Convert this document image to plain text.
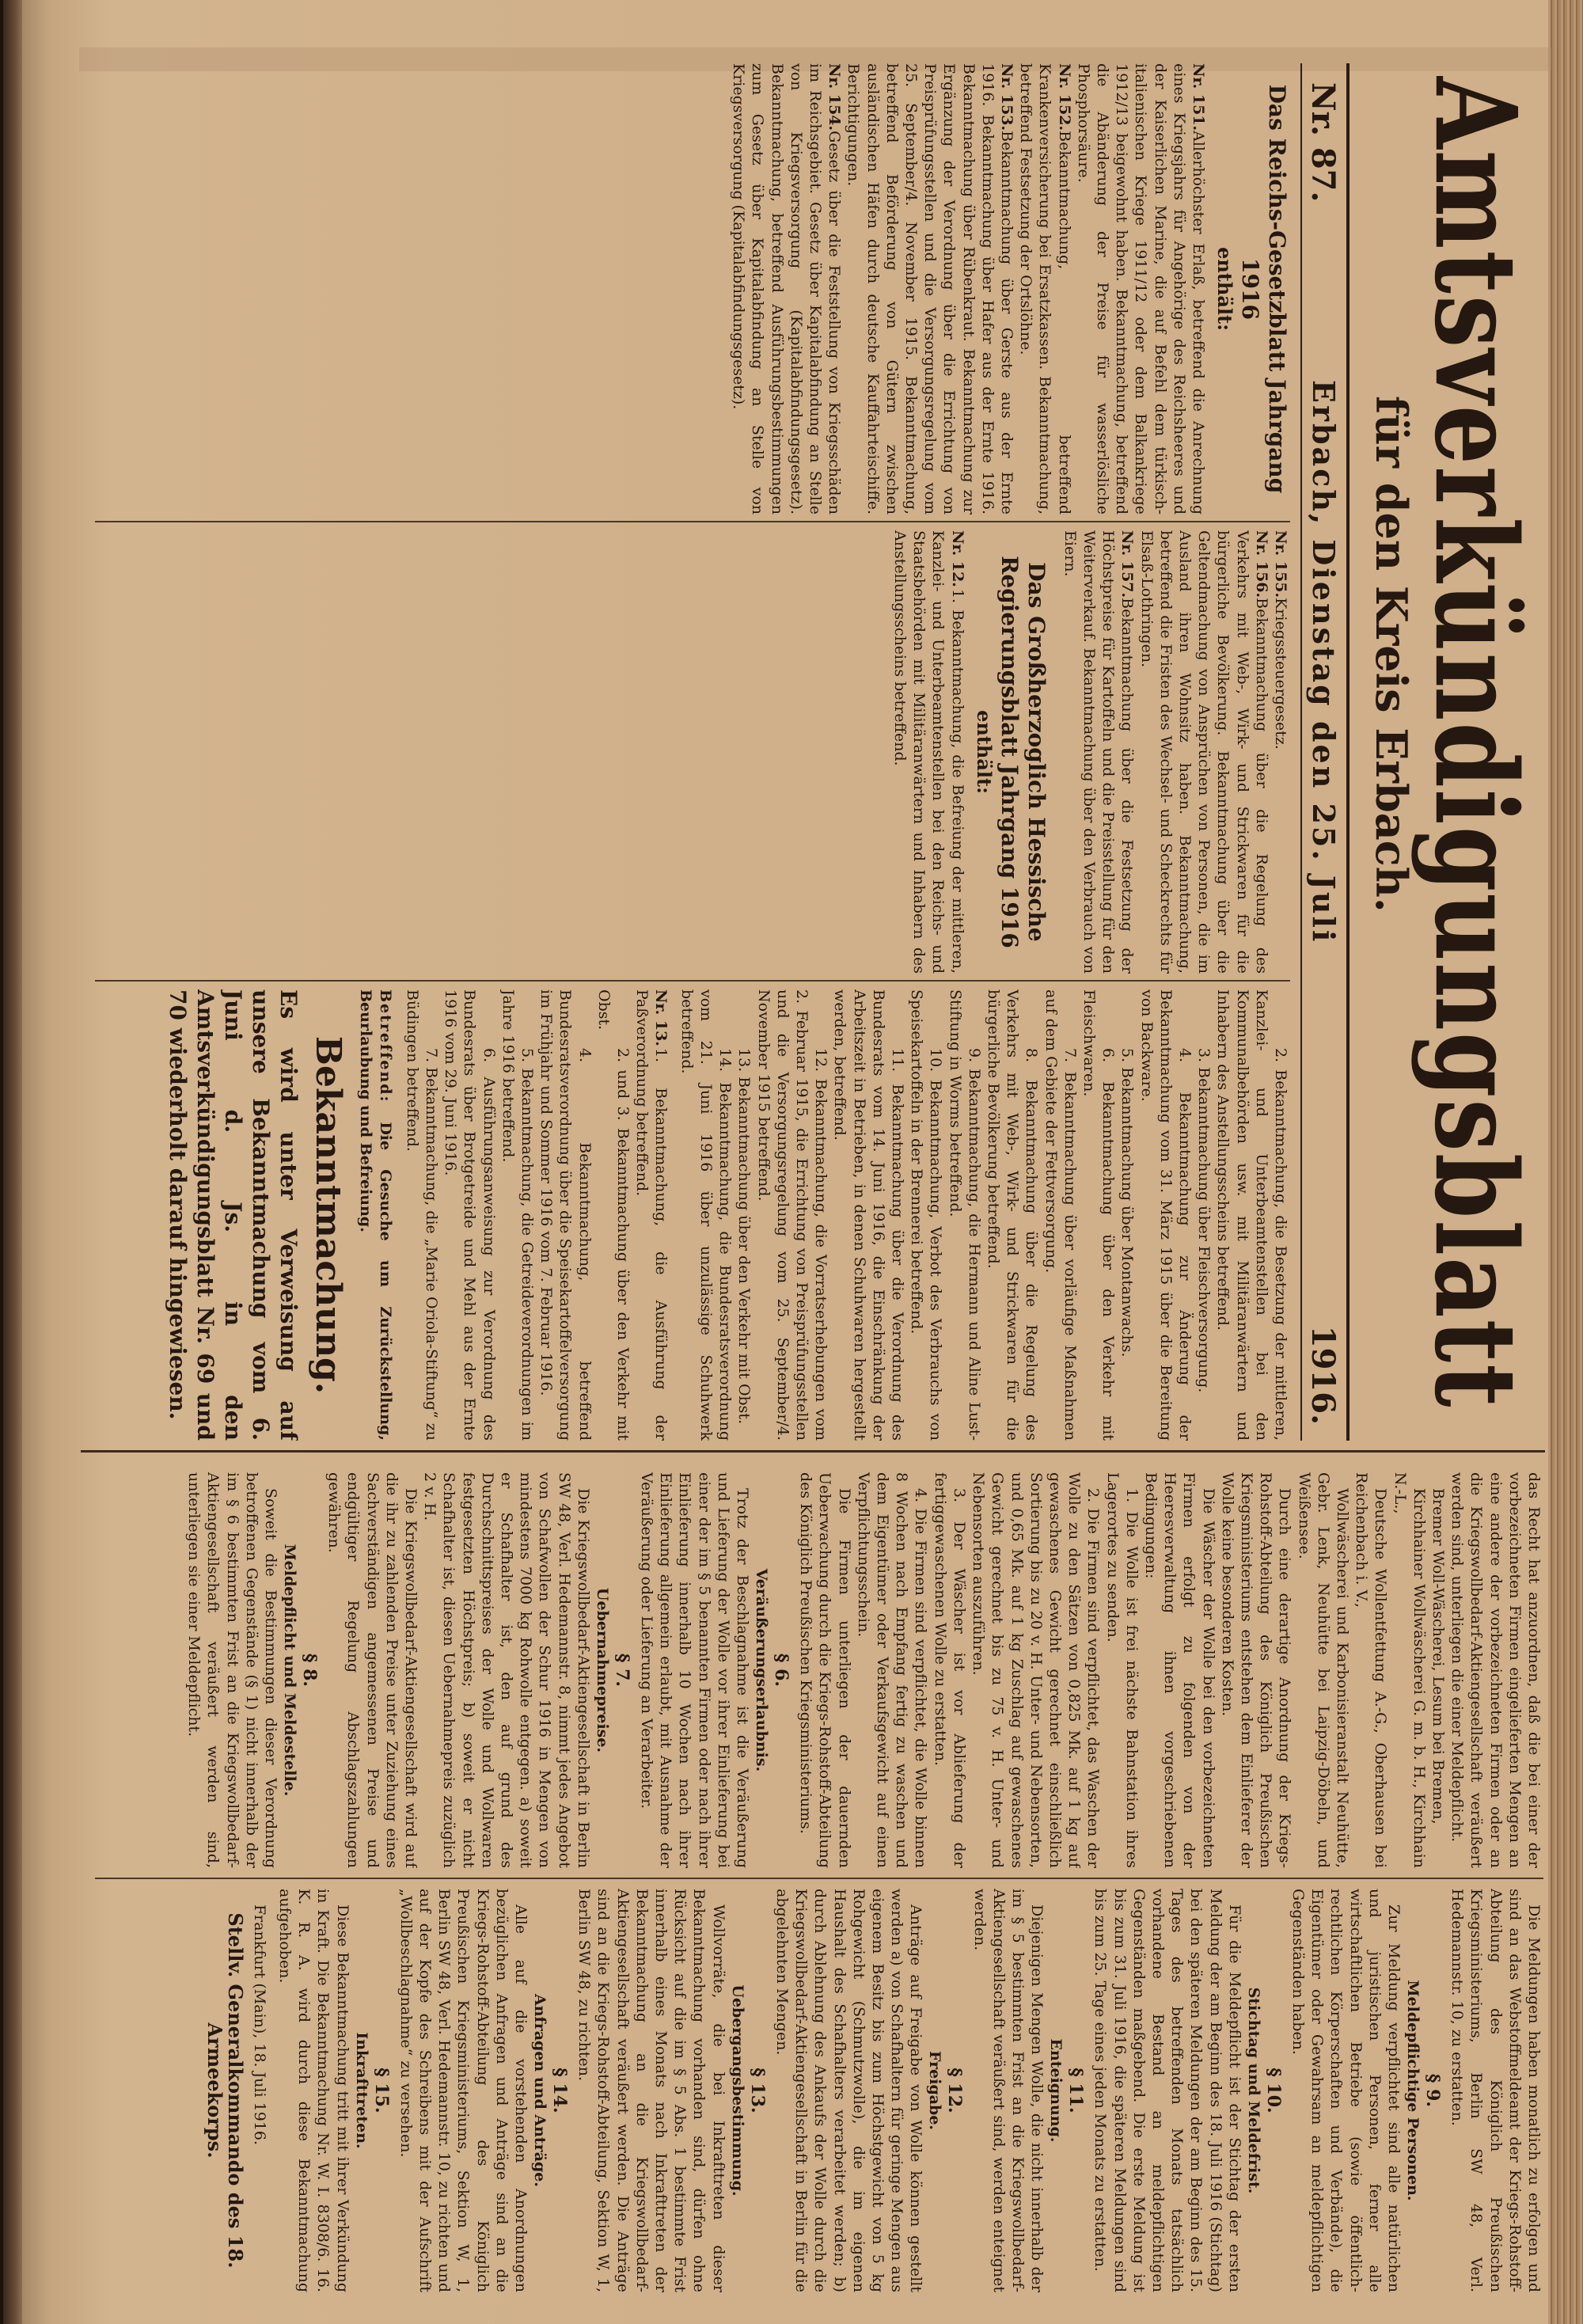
Amtsverkündigungsblatt
für den Kreis Erbach.
Nr. 87.
Erbach, Dienstag den 25. Juli
1916.

Das Reichs-Gesetzblatt Jahrgang 1916

enthält:

Nr. 151.Allerhöchster Erlaß, betreffend die Anrechnung eines Kriegsjahrs für Angehörige des Reichsheeres und der Kaiserlichen Marine, die auf Befehl dem türkisch-italienischen Kriege 1911/12 oder dem Balkankriege 1912/13 beigewohnt haben. Bekanntmachung, betreffend die Abänderung der Preise für wasserlösliche Phosphorsäure.

Nr. 152.Bekanntmachung, betreffend Krankenversicherung bei Ersatzkassen. Bekanntmachung, betreffend Festsetzung der Ortslöhne.

Nr. 153.Bekanntmachung über Gerste aus der Ernte 1916. Bekanntmachung über Hafer aus der Ernte 1916. Bekanntmachung über Rübenkraut. Bekanntmachung zur Ergänzung der Verordnung über die Errichtung von Preisprüfungsstellen und die Versorgungsregelung vom 25. September/4. November 1915. Bekanntmachung, betreffend Beförderung von Gütern zwischen ausländischen Häfen durch deutsche Kauffahrteischiffe. Berichtigungen.

Nr. 154.Gesetz über die Feststellung von Kriegsschäden im Reichsgebiet. Gesetz über Kapitalabfindung an Stelle von Kriegsversorgung (Kapitalabfindungsgesetz). Bekanntmachung, betreffend Ausführungsbestimmungen zum Gesetz über Kapitalabfindung an Stelle von Kriegsversorgung (Kapitalabfindungsgesetz).

Nr. 155.Kriegssteuergesetz.

Nr. 156.Bekanntmachung über die Regelung des Verkehrs mit Web-, Wirk- und Strickwaren für die bürgerliche Bevölkerung. Bekanntmachung über die Geltendmachung von Ansprüchen von Personen, die im Ausland ihren Wohnsitz haben. Bekanntmachung, betreffend die Fristen des Wechsel- und Scheckrechts für Elsaß-Lothringen.

Nr. 157.Bekanntmachung über die Festsetzung der Höchstpreise für Kartoffeln und die Preisstellung für den Weiterverkauf. Bekanntmachung über den Verbrauch von Eiern.

Das Großherzoglich Hessische Regierungsblatt Jahrgang 1916

enthält:

Nr. 12.1. Bekanntmachung, die Befreiung der mittleren, Kanzlei- und Unterbeamtenstellen bei den Reichs- und Staatsbehörden mit Militäranwärtern und Inhabern des Anstellungsscheins betreffend.

2. Bekanntmachung, die Besetzung der mittleren, Kanzlei- und Unterbeamtenstellen bei den Kommunalbehörden usw. mit Militäranwärtern und Inhabern des Anstellungsscheins betreffend.

3. Bekanntmachung über Fleischversorgung.

4. Bekanntmachung zur Änderung der Bekanntmachung vom 31. März 1915 über die Bereitung von Backware.

5. Bekanntmachung über Montanwachs.

6. Bekanntmachung über den Verkehr mit Fleischwaren.

7. Bekanntmachung über vorläufige Maßnahmen auf dem Gebiete der Fettversorgung.

8. Bekanntmachung über die Regelung des Verkehrs mit Web-, Wirk- und Strickwaren für die bürgerliche Bevölkerung betreffend.

9. Bekanntmachung, die Hermann und Aline Lust-Stiftung in Worms betreffend.

10. Bekanntmachung, Verbot des Verbrauchs von Speisekartoffeln in der Brennerei betreffend.

11. Bekanntmachung über die Verordnung des Bundesrats vom 14. Juni 1916, die Einschränkung der Arbeitszeit in Betrieben, in denen Schuhwaren hergestellt werden, betreffend.

12. Bekanntmachung, die Vorratserhebungen vom 2. Februar 1915, die Errichtung von Preisprüfungsstellen und die Versorgungsregelung vom 25. September/4. November 1915 betreffend.

13. Bekanntmachung über den Verkehr mit Obst.

14. Bekanntmachung, die Bundesratsverordnung vom 21. Juni 1916 über unzulässige Schuhwerk betreffend.

Nr. 13.1. Bekanntmachung, die Ausführung der Paßverordnung betreffend.

2. und 3. Bekanntmachung über den Verkehr mit Obst.

4. Bekanntmachung, betreffend Bundesratsverordnung über die Speisekartoffelversorgung im Frühjahr und Sommer 1916 vom 7. Februar 1916.

5. Bekanntmachung, die Getreideverordnungen im Jahre 1916 betreffend.

6. Ausführungsanweisung zur Verordnung des Bundesrats über Brotgetreide und Mehl aus der Ernte 1916 vom 29. Juni 1916.

7. Bekanntmachung, die „Marie Oriola-Stiftung“ zu Büdingen betreffend.

Betreffend: Die Gesuche um Zurückstellung, Beurlaubung und Befreiung.

Bekanntmachung.

Es wird unter Verweisung auf unsere Bekanntmachung vom 6. Juni d. Js. in den Amtsverkündigungsblatt Nr. 69 und 70 wiederholt darauf hingewiesen.

das Recht hat anzuordnen, daß die bei einer der vorbezeichneten Firmen eingelieferten Mengen an eine andere der vorbezeichneten Firmen oder an die Kriegswollbedarf-Aktiengesellschaft veräußert werden sind, unterliegen die einer Meldepflicht.

Bremer Woll-Wäscherei, Lesum bei Bremen,

Kirchhainer Wollwäscherei G. m. b. H., Kirchhain N.-L.,

Deutsche Wollentfettung A.-G., Oberhausen bei Reichenbach i. V.,

Wollwäscherei und Karbonisieranstalt Neuhütte, Gebr. Lenk, Neuhütte bei Laipzig-Döbeln, und Weißensee.

Durch eine derartige Anordnung der Kriegs-Rohstoff-Abteilung des Königlich Preußischen Kriegsministeriums entstehen dem Einlieferer der Wolle keine besonderen Kosten.

Die Wäscher der Wolle bei den vorbezeichneten Firmen erfolgt zu folgenden von der Heeresverwaltung ihnen vorgeschriebenen Bedingungen:

1. Die Wolle ist frei nächste Bahnstation ihres Lagerortes zu senden.

2. Die Firmen sind verpflichtet, das Waschen der Wolle zu den Sätzen von 0,825 Mk. auf 1 kg auf gewaschenes Gewicht gerechnet einschließlich Sortierung bis zu 20 v. H. Unter- und Nebensorten, und 0,65 Mk. auf 1 kg Zuschlag auf gewaschenes Gewicht gerechnet bis zu 75 v. H. Unter- und Nebensorten auszuführen.

3. Der Wäscher ist vor Ablieferung der fertiggewaschenen Wolle zu erstatten.

4. Die Firmen sind verpflichtet, die Wolle binnen 8 Wochen nach Empfang fertig zu waschen und dem Eigentümer oder Verkaufsgewicht auf einen Verpflichtungsschein.

Die Firmen unterliegen der dauernden Ueberwachung durch die Kriegs-Rohstoff-Abteilung des Königlich Preußischen Kriegsministeriums.

§ 6.

Veräußerungserlaubnis.

Trotz der Beschlagnahme ist die Veräußerung und Lieferung der Wolle vor ihrer Einlieferung bei einer der im § 5 benannten Firmen oder nach ihrer Einlieferung innerhalb 10 Wochen nach ihrer Einlieferung allgemein erlaubt, mit Ausnahme der Veräußerung oder Lieferung an Verarbeiter.

§ 7.

Uebernahmepreise.

Die Kriegswollbedarf-Aktiengesellschaft in Berlin SW 48, Verl. Hedemannstr. 8, nimmt jedes Angebot von Schafwollen der Schur 1916 in Mengen von mindestens 7000 kg Rohwolle entgegen. a) soweit er Schafhalter ist, den auf grund des Durchschnittspreises der Wolle und Wollwaren festgesetzten Höchstpreis; b) soweit er nicht Schafhalter ist, diesen Uebernahmepreis zuzüglich 2 v. H.

Die Kriegswollbedarf-Aktiengesellschaft wird auf die ihr zu zahlenden Preise unter Zuziehung eines Sachverständigen angemessenen Preise und endgültiger Regelung Abschlagszahlungen gewähren.

§ 8.

Meldepflicht und Meldestelle.

Soweit die Bestimmungen dieser Verordnung betroffenen Gegenstände (§ 1) nicht innerhalb der im § 6 bestimmten Frist an die Kriegswollbedarf-Aktiengesellschaft veräußert werden sind, unterliegen sie einer Meldepflicht.

Die Meldungen haben monatlich zu erfolgen und sind an das Webstoffmeldeamt der Kriegs-Rohstoff-Abteilung des Königlich Preußischen Kriegsministeriums, Berlin SW 48, Verl. Hedemannstr. 10, zu erstatten.

§ 9.

Meldepflichtige Personen.

Zur Meldung verpflichtet sind alle natürlichen und juristischen Personen, ferner alle wirtschaftlichen Betriebe (sowie öffentlich-rechtlichen Körperschaften und Verbände), die Eigentümer oder Gewahrsam an meldepflichtigen Gegenständen haben.

§ 10.

Stichtag und Meldefrist.

Für die Meldepflicht ist der Stichtag der ersten Meldung der am Beginn des 18. Juli 1916 (Stichtag) bei den späteren Meldungen der am Beginn des 15. Tages des betreffenden Monats tatsächlich vorhandene Bestand an meldepflichtigen Gegenständen maßgebend. Die erste Meldung ist bis zum 31. Juli 1916, die späteren Meldungen sind bis zum 25. Tage eines jeden Monats zu erstatten.

§ 11.

Enteignung.

Diejenigen Mengen Wolle, die nicht innerhalb der im § 5 bestimmten Frist an die Kriegswollbedarf-Aktiengesellschaft veräußert sind, werden enteignet werden.

§ 12.

Freigabe.

Anträge auf Freigabe von Wolle können gestellt werden a) von Schafhaltern für geringe Mengen aus eigenem Besitz bis zum Höchstgewicht von 5 kg Rohgewicht (Schmutzwolle), die im eigenen Haushalt des Schafhalters verarbeitet werden; b) durch Ablehnung des Ankaufs der Wolle durch die Kriegswollbedarf-Aktiengesellschaft in Berlin für die abgelehnten Mengen.

§ 13.

Uebergangsbestimmung.

Wollvorräte, die bei Inkrafttreten dieser Bekanntmachung vorhanden sind, dürfen ohne Rücksicht auf die im § 5 Abs. 1 bestimmte Frist innerhalb eines Monats nach Inkrafttreten der Bekanntmachung an die Kriegswollbedarf-Aktiengesellschaft veräußert werden. Die Anträge sind an die Kriegs-Rohstoff-Abteilung, Sektion W, 1, Berlin SW 48, zu richten.

§ 14.

Anfragen und Anträge.

Alle auf die vorstehenden Anordnungen bezüglichen Anfragen und Anträge sind an die Kriegs-Rohstoff-Abteilung des Königlich Preußischen Kriegsministeriums, Sektion W, 1, Berlin SW 48, Verl. Hedemannstr. 10, zu richten und auf der Kopfe des Schreibens mit der Aufschrift „Wollbeschlagnahme“ zu versehen.

§ 15.

Inkrafttreten.

Diese Bekanntmachung tritt mit ihrer Verkündung in Kraft. Die Bekanntmachung Nr. W. I. 8308/6. 16. K. R. A. wird durch diese Bekanntmachung aufgehoben.

Frankfurt (Main), 18. Juli 1916.

Stellv. Generalkommando des 18. Armeekorps.
